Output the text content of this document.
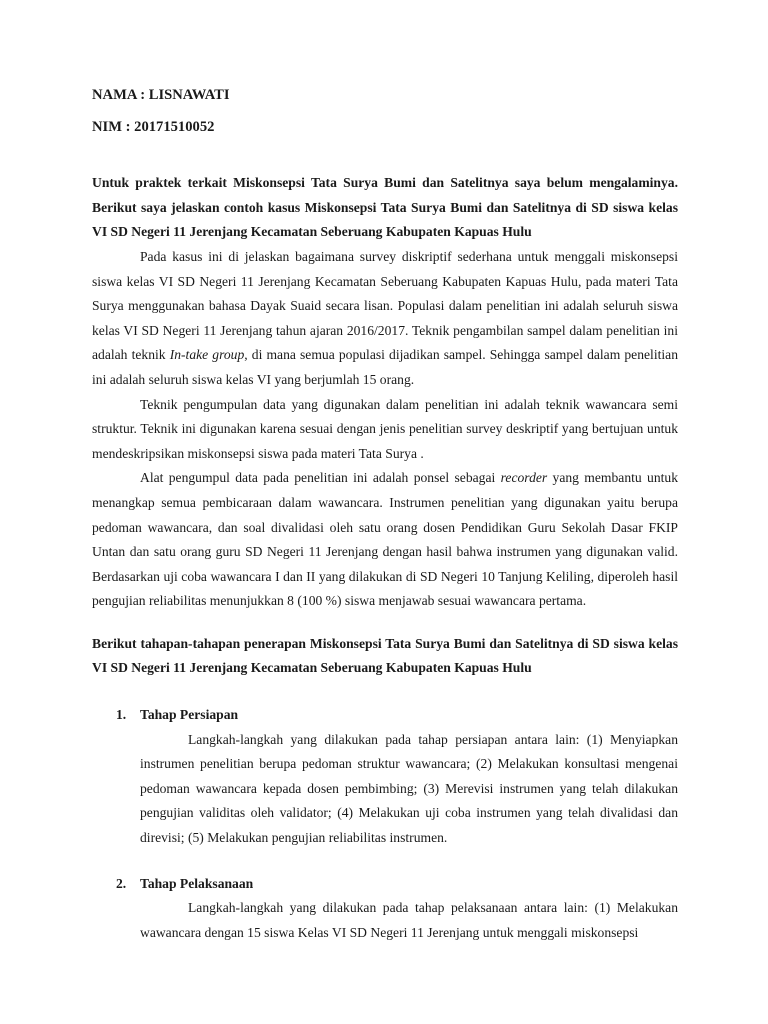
NAMA : LISNAWATI

NIM : 20171510052

Untuk praktek terkait Miskonsepsi Tata Surya Bumi dan Satelitnya saya belum mengalaminya. Berikut saya jelaskan contoh kasus Miskonsepsi Tata Surya Bumi dan Satelitnya di SD siswa kelas VI SD Negeri 11 Jerenjang Kecamatan Seberuang Kabupaten Kapuas Hulu

Pada kasus ini di jelaskan bagaimana survey diskriptif sederhana untuk menggali miskonsepsi siswa kelas VI SD Negeri 11 Jerenjang Kecamatan Seberuang Kabupaten Kapuas Hulu, pada materi Tata Surya menggunakan bahasa Dayak Suaid secara lisan. Populasi dalam penelitian ini adalah seluruh siswa kelas VI SD Negeri 11 Jerenjang tahun ajaran 2016/2017. Teknik pengambilan sampel dalam penelitian ini adalah teknik In-take group, di mana semua populasi dijadikan sampel. Sehingga sampel dalam penelitian ini adalah seluruh siswa kelas VI yang berjumlah 15 orang.

Teknik pengumpulan data yang digunakan dalam penelitian ini adalah teknik wawancara semi struktur. Teknik ini digunakan karena sesuai dengan jenis penelitian survey deskriptif yang bertujuan untuk mendeskripsikan miskonsepsi siswa pada materi Tata Surya .

Alat pengumpul data pada penelitian ini adalah ponsel sebagai recorder yang membantu untuk menangkap semua pembicaraan dalam wawancara. Instrumen penelitian yang digunakan yaitu berupa pedoman wawancara, dan soal divalidasi oleh satu orang dosen Pendidikan Guru Sekolah Dasar FKIP Untan dan satu orang guru SD Negeri 11 Jerenjang dengan hasil bahwa instrumen yang digunakan valid. Berdasarkan uji coba wawancara I dan II yang dilakukan di SD Negeri 10 Tanjung Keliling, diperoleh hasil pengujian reliabilitas menunjukkan 8 (100 %) siswa menjawab sesuai wawancara pertama.

Berikut tahapan-tahapan penerapan Miskonsepsi Tata Surya Bumi dan Satelitnya di SD siswa kelas VI SD Negeri 11 Jerenjang Kecamatan Seberuang Kabupaten Kapuas Hulu

1. Tahap Persiapan

Langkah-langkah yang dilakukan pada tahap persiapan antara lain: (1) Menyiapkan instrumen penelitian berupa pedoman struktur wawancara; (2) Melakukan konsultasi mengenai pedoman wawancara kepada dosen pembimbing; (3) Merevisi instrumen yang telah dilakukan pengujian validitas oleh validator; (4) Melakukan uji coba instrumen yang telah divalidasi dan direvisi; (5) Melakukan pengujian reliabilitas instrumen.

2. Tahap Pelaksanaan

Langkah-langkah yang dilakukan pada tahap pelaksanaan antara lain: (1) Melakukan wawancara dengan 15 siswa Kelas VI SD Negeri 11 Jerenjang untuk menggali miskonsepsi
